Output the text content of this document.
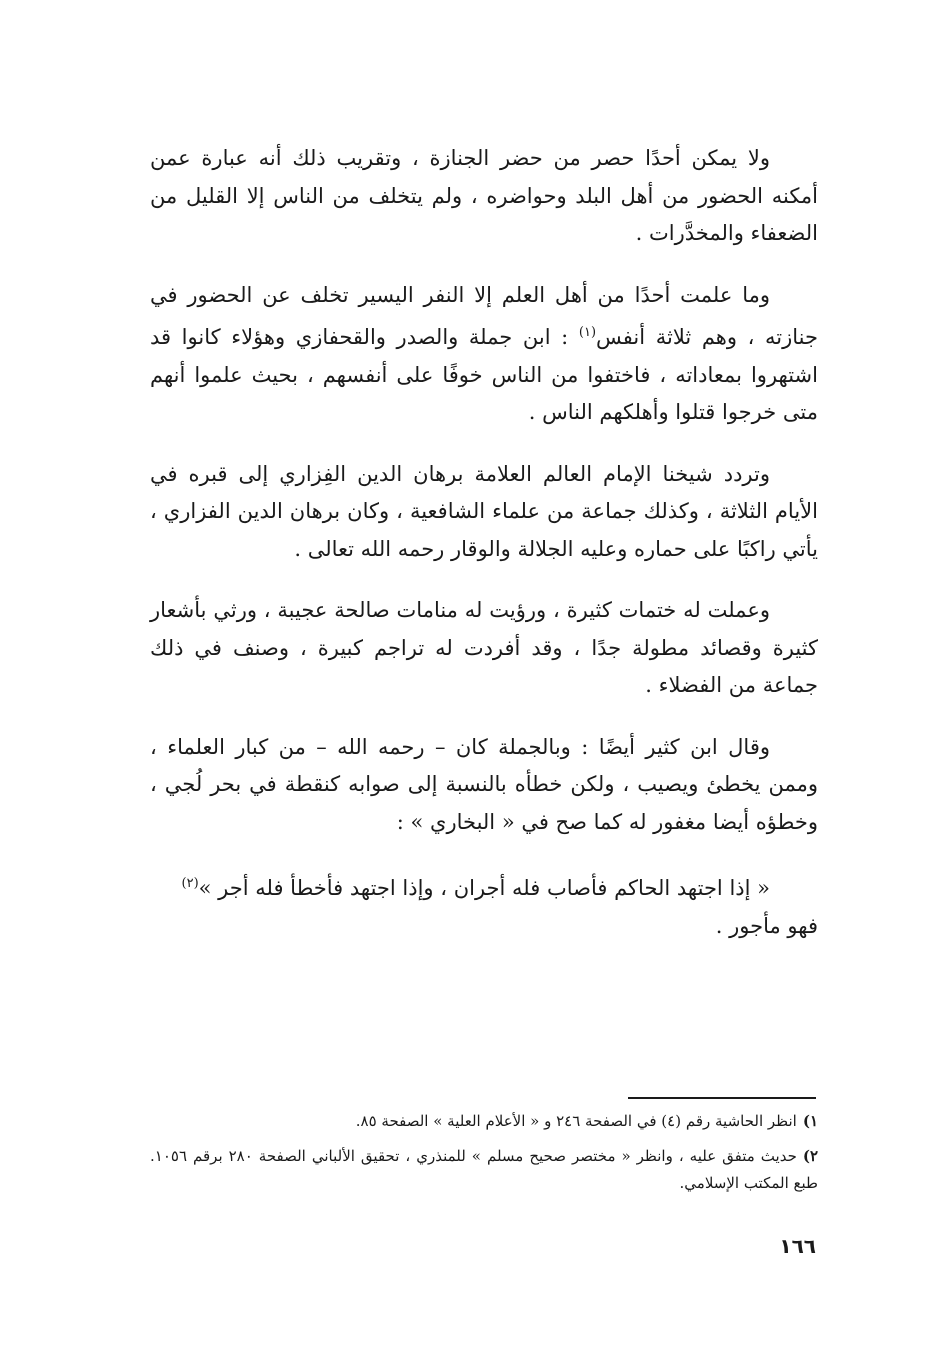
ولا يمكن أحدًا حصر من حضر الجنازة ، وتقريب ذلك أنه عبارة عمن أمكنه الحضور من أهل البلد وحواضره ، ولم يتخلف من الناس إلا القليل من الضعفاء والمخدَّرات .

وما علمت أحدًا من أهل العلم إلا النفر اليسير تخلف عن الحضور في جنازته ، وهم ثلاثة أنفس$^{(١)}$ : ابن جملة والصدر والقحفازي وهؤلاء كانوا قد اشتهروا بمعاداته ، فاختفوا من الناس خوفًا على أنفسهم ، بحيث علموا أنهم متى خرجوا قتلوا وأهلكهم الناس .

وتردد شيخنا الإمام العالم العلامة برهان الدين الفِزاري إلى قبره في الأيام الثلاثة ، وكذلك جماعة من علماء الشافعية ، وكان برهان الدين الفزاري ، يأتي راكبًا على حماره وعليه الجلالة والوقار رحمه الله تعالى .

وعملت له ختمات كثيرة ، ورؤيت له منامات صالحة عجيبة ، ورثي بأشعار كثيرة وقصائد مطولة جدًا ، وقد أفردت له تراجم كبيرة ، وصنف في ذلك جماعة من الفضلاء .

وقال ابن كثير أيضًا : وبالجملة كان – رحمه الله – من كبار العلماء ، وممن يخطئ ويصيب ، ولكن خطأه بالنسبة إلى صوابه كنقطة في بحر لُجي ، وخطؤه أيضا مغفور له كما صح في « البخاري » :

« إذا اجتهد الحاكم فأصاب فله أجران ، وإذا اجتهد فأخطأ فله أجر »$^{(٢)}$
فهو مأجور .

١)انظر الحاشية رقم (٤) في الصفحة ٢٤٦ و « الأعلام العلية » الصفحة ٨٥.

٢)حديث متفق عليه ، وانظر « مختصر صحيح مسلم » للمنذري ، تحقيق الألباني الصفحة ٢٨٠ برقم ١٠٥٦. طبع المكتب الإسلامي.

١٦٦
